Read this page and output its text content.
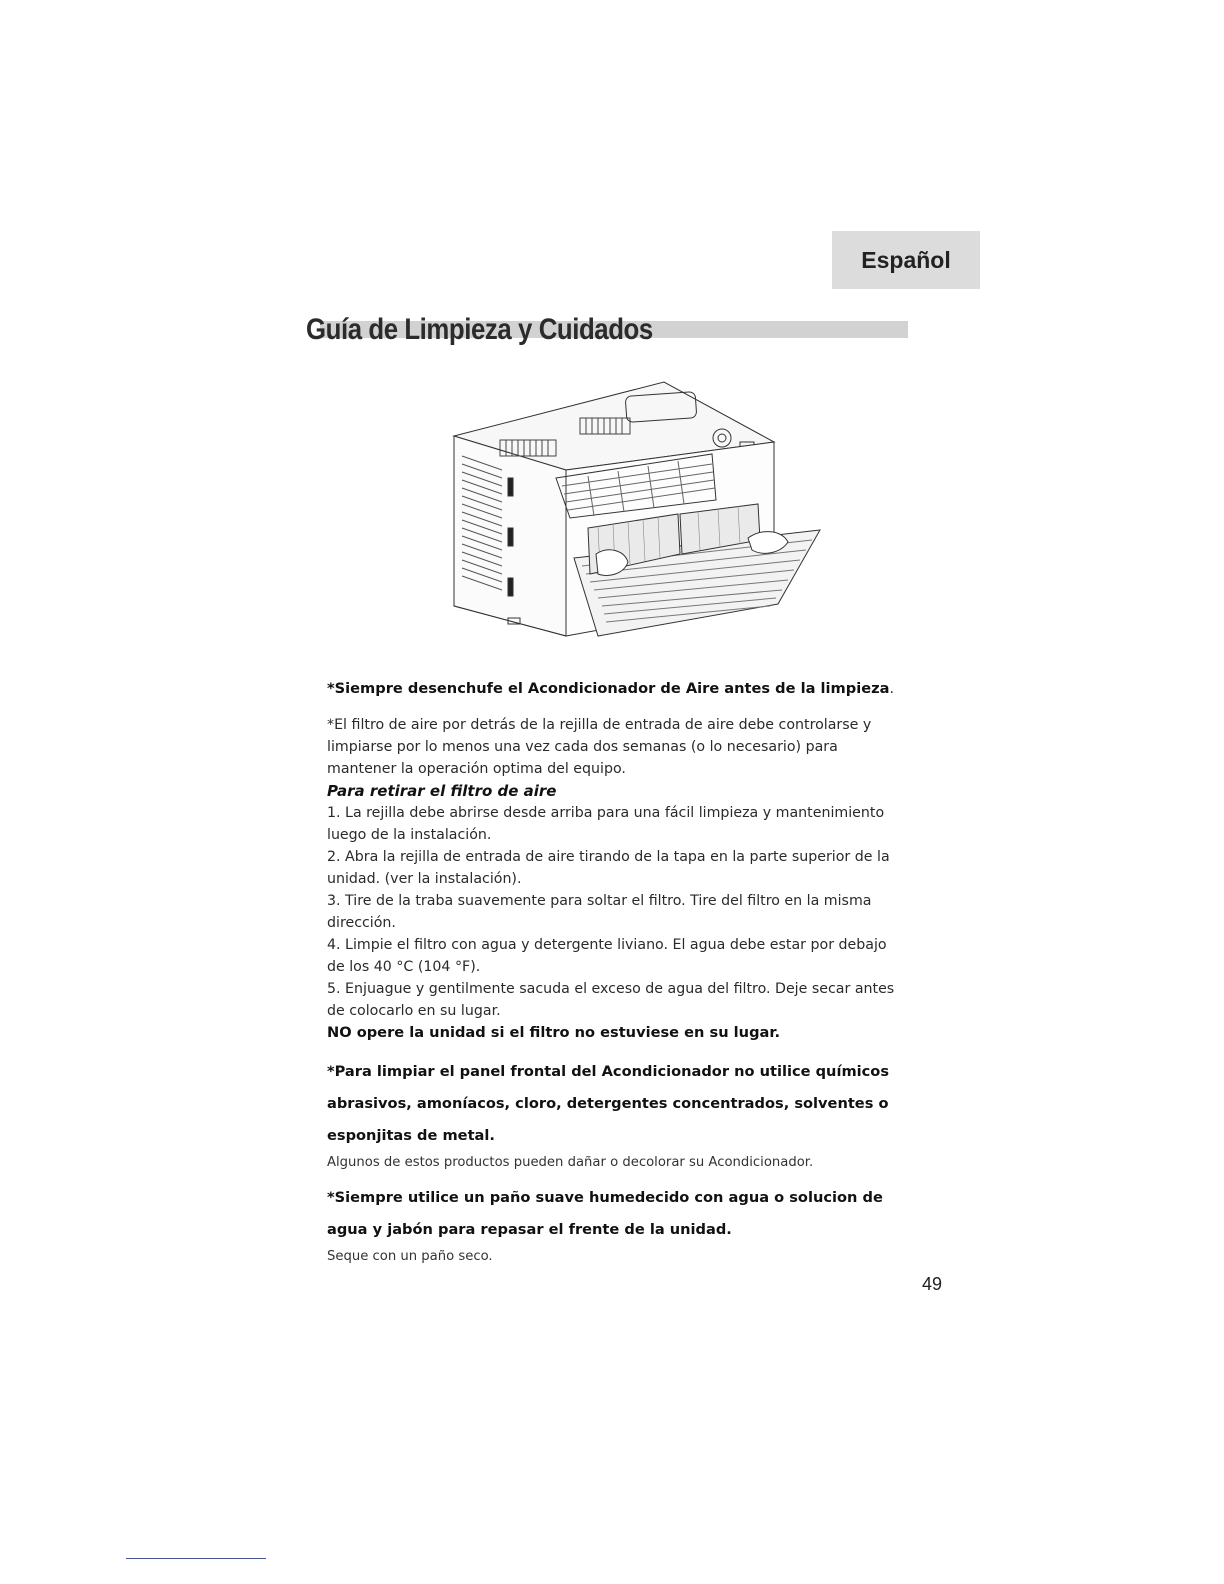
Español
Guía de Limpieza y Cuidados

*Siempre desenchufe el Acondicionador de Aire antes de la limpieza.

*El filtro de aire por detrás de la rejilla de entrada de aire debe controlarse y limpiarse por lo menos una vez cada dos semanas (o lo necesario) para mantener la operación optima del equipo.

Para retirar el filtro de aire

1. La rejilla debe abrirse desde arriba para una fácil limpieza y mantenimiento luego de la instalación.

2. Abra la rejilla de entrada de aire tirando de la tapa en la parte superior de la unidad. (ver la instalación).

3. Tire de la traba suavemente para soltar el filtro. Tire del filtro en la misma dirección.

4. Limpie el filtro con agua y detergente liviano. El agua debe estar por debajo de los 40 °C (104 °F).

5. Enjuague y gentilmente sacuda el exceso de agua del filtro. Deje secar antes de colocarlo en su lugar.

NO opere la unidad si el filtro no estuviese en su lugar.

*Para limpiar el panel frontal del Acondicionador no utilice químicos abrasivos, amoníacos, cloro, detergentes concentrados, solventes o esponjitas de metal.

Algunos de estos productos pueden dañar o decolorar su Acondicionador.

*Siempre utilice un paño suave humedecido con agua o solucion de agua y jabón para repasar el frente de la unidad.

Seque con un paño seco.

49
